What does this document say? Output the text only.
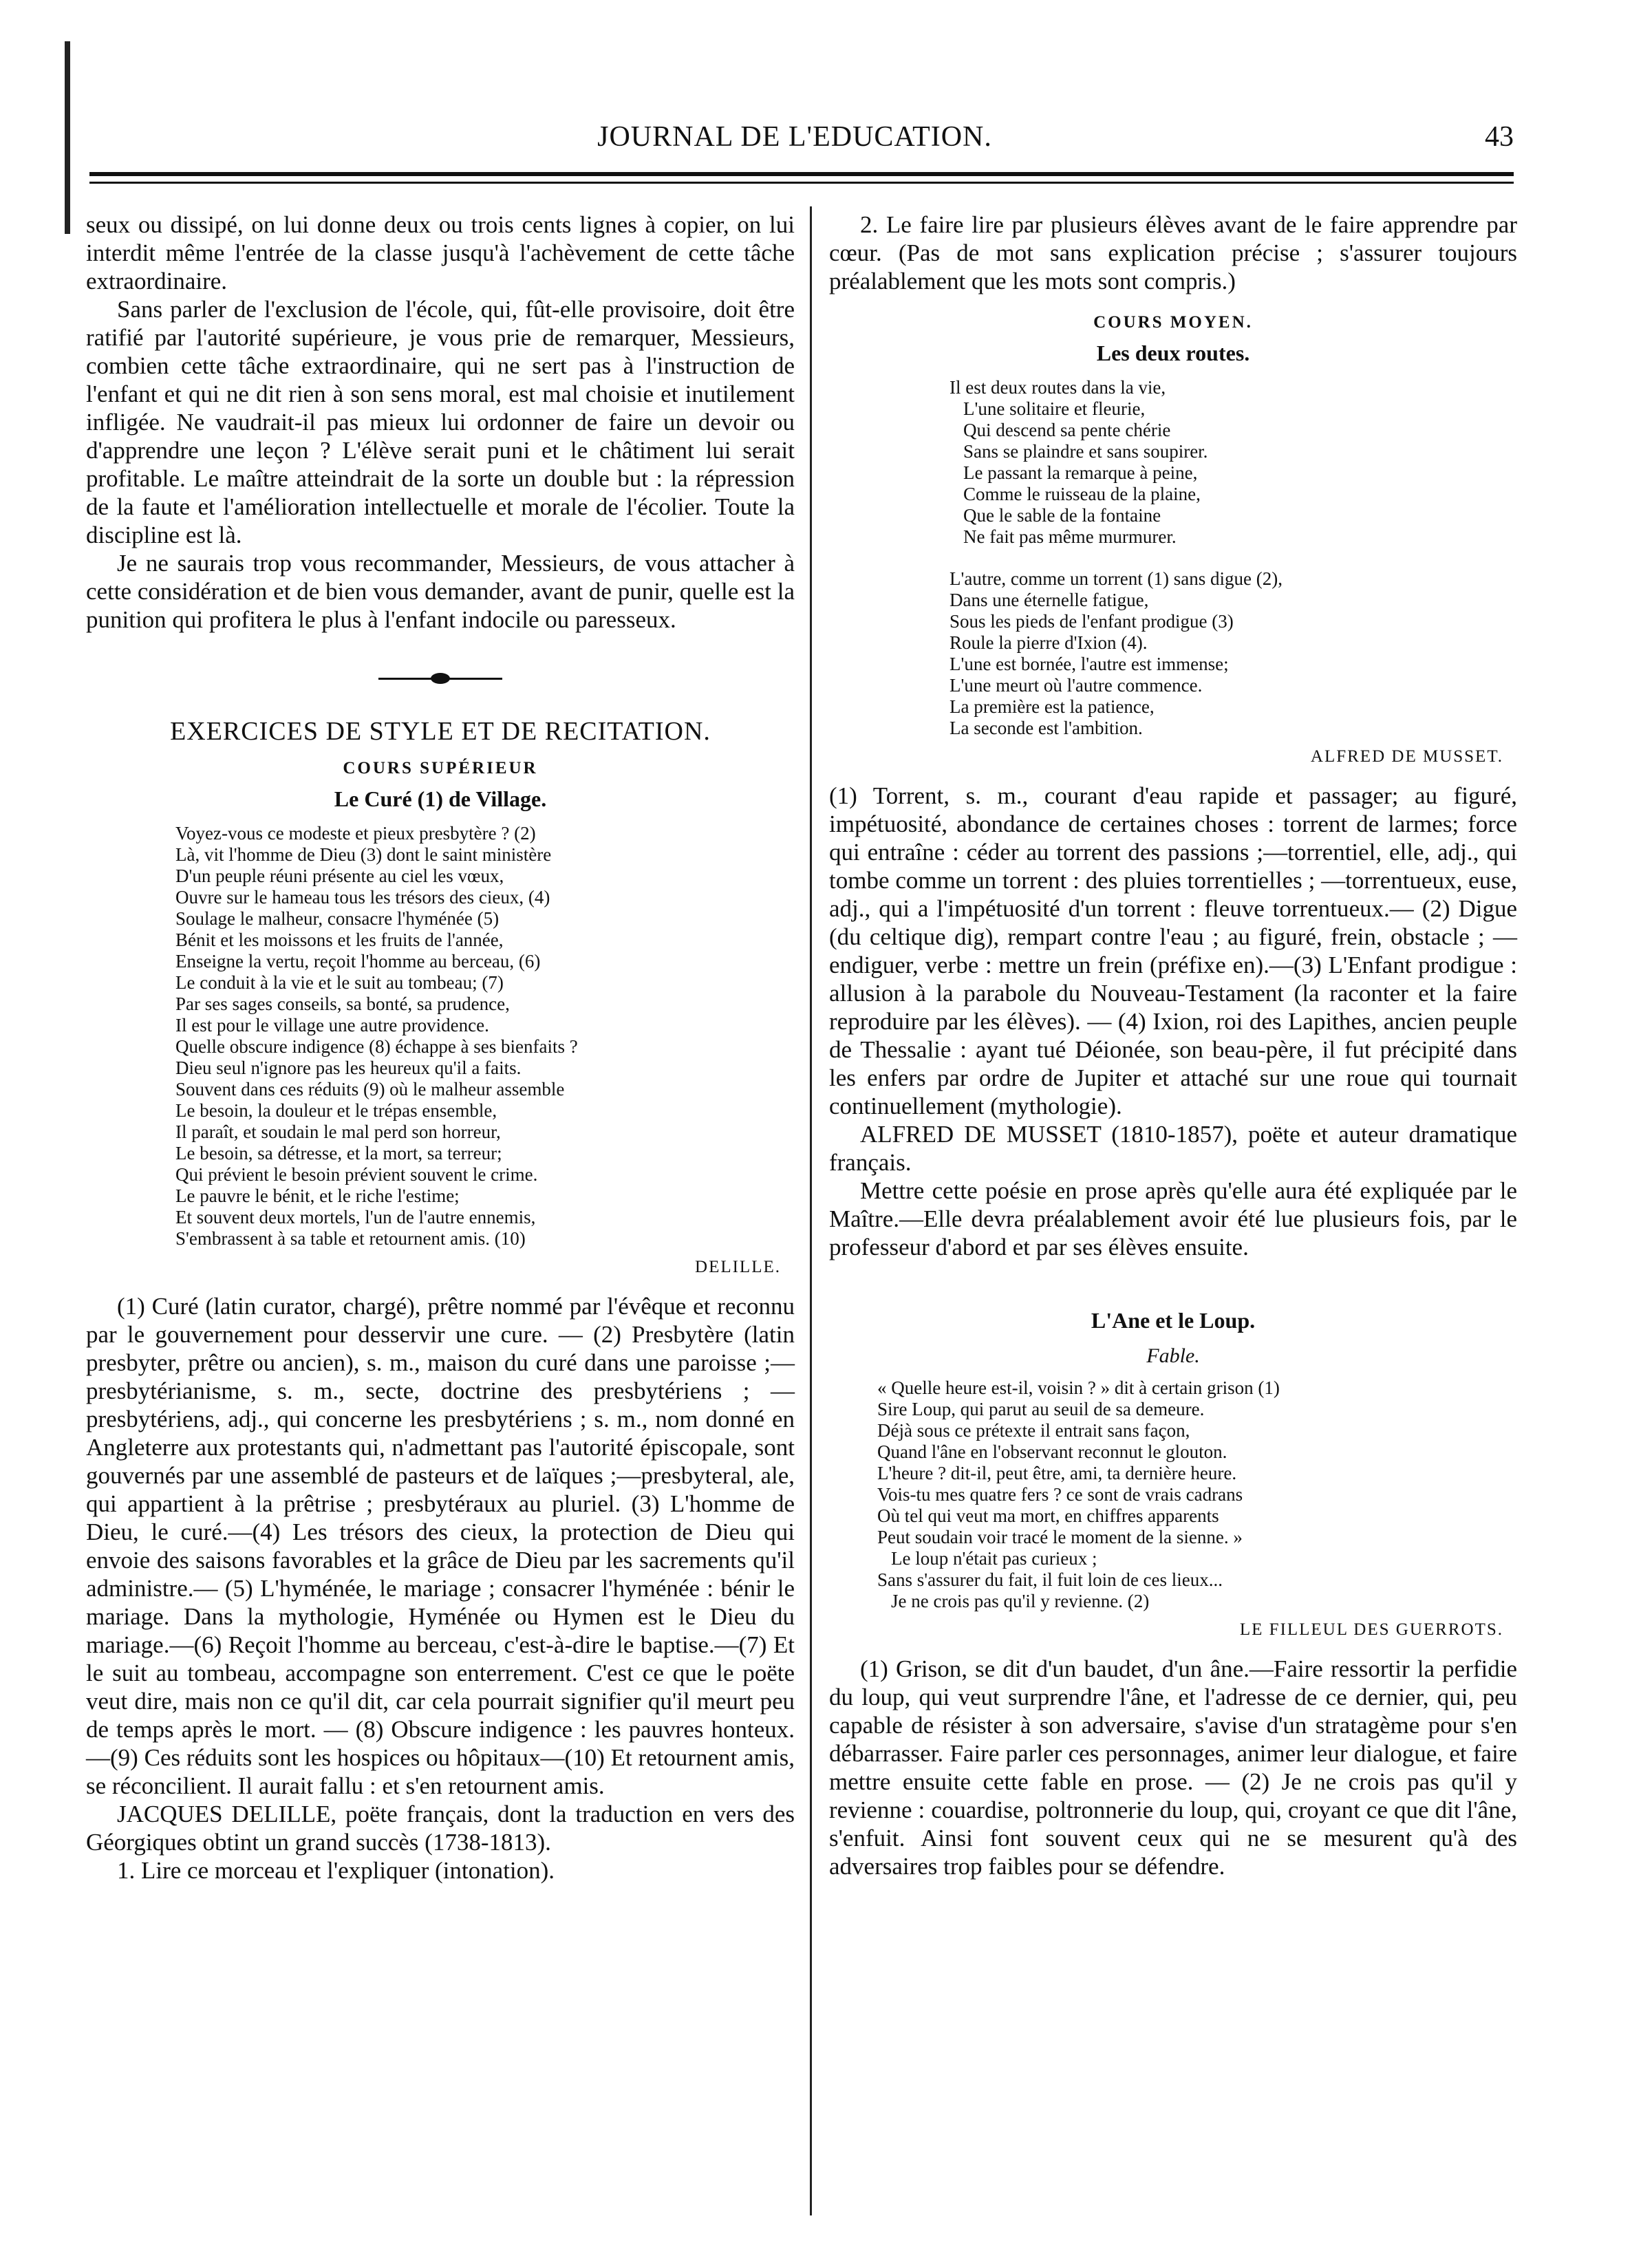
JOURNAL DE L'EDUCATION.	43

seux ou dissipé, on lui donne deux ou trois cents lignes à copier, on lui interdit même l'entrée de la classe jusqu'à l'achèvement de cette tâche extraordinaire.

Sans parler de l'exclusion de l'école, qui, fût-elle provisoire, doit être ratifié par l'autorité supérieure, je vous prie de remarquer, Messieurs, combien cette tâche extraordinaire, qui ne sert pas à l'instruction de l'enfant et qui ne dit rien à son sens moral, est mal choisie et inutilement infligée. Ne vaudrait-il pas mieux lui ordonner de faire un devoir ou d'apprendre une leçon ? L'élève serait puni et le châtiment lui serait profitable. Le maître atteindrait de la sorte un double but : la répression de la faute et l'amélioration intellectuelle et morale de l'écolier. Toute la discipline est là.

Je ne saurais trop vous recommander, Messieurs, de vous attacher à cette considération et de bien vous demander, avant de punir, quelle est la punition qui profitera le plus à l'enfant indocile ou paresseux.

EXERCICES DE STYLE ET DE RECITATION.
COURS SUPÉRIEUR
Le Curé (1) de Village.
Voyez-vous ce modeste et pieux presbytère ? (2)
Là, vit l'homme de Dieu (3) dont le saint ministère
D'un peuple réuni présente au ciel les vœux,
Ouvre sur le hameau tous les trésors des cieux, (4)
Soulage le malheur, consacre l'hyménée (5)
Bénit et les moissons et les fruits de l'année,
Enseigne la vertu, reçoit l'homme au berceau, (6)
Le conduit à la vie et le suit au tombeau; (7)
Par ses sages conseils, sa bonté, sa prudence,
Il est pour le village une autre providence.
Quelle obscure indigence (8) échappe à ses bienfaits ?
Dieu seul n'ignore pas les heureux qu'il a faits.
Souvent dans ces réduits (9) où le malheur assemble
Le besoin, la douleur et le trépas ensemble,
Il paraît, et soudain le mal perd son horreur,
Le besoin, sa détresse, et la mort, sa terreur;
Qui prévient le besoin prévient souvent le crime.
Le pauvre le bénit, et le riche l'estime;
Et souvent deux mortels, l'un de l'autre ennemis,
S'embrassent à sa table et retournent amis. (10)
DELILLE.

(1) Curé (latin curator, chargé), prêtre nommé par l'évêque et reconnu par le gouvernement pour desservir une cure. — (2) Presbytère (latin presbyter, prêtre ou ancien), s. m., maison du curé dans une paroisse ;—presbytérianisme, s. m., secte, doctrine des presbytériens ; —presbytériens, adj., qui concerne les presbytériens ; s. m., nom donné en Angleterre aux protestants qui, n'admettant pas l'autorité épiscopale, sont gouvernés par une assemblé de pasteurs et de laïques ;—presbyteral, ale, qui appartient à la prêtrise ; presbytéraux au pluriel. (3) L'homme de Dieu, le curé.—(4) Les trésors des cieux, la protection de Dieu qui envoie des saisons favorables et la grâce de Dieu par les sacrements qu'il administre.— (5) L'hyménée, le mariage ; consacrer l'hyménée : bénir le mariage. Dans la mythologie, Hyménée ou Hymen est le Dieu du mariage.—(6) Reçoit l'homme au berceau, c'est-à-dire le baptise.—(7) Et le suit au tombeau, accompagne son enterrement. C'est ce que le poëte veut dire, mais non ce qu'il dit, car cela pourrait signifier qu'il meurt peu de temps après le mort. — (8) Obscure indigence : les pauvres honteux.—(9) Ces réduits sont les hospices ou hôpitaux—(10) Et retournent amis, se réconcilient. Il aurait fallu : et s'en retournent amis.

JACQUES DELILLE, poëte français, dont la traduction en vers des Géorgiques obtint un grand succès (1738-1813).

1. Lire ce morceau et l'expliquer (intonation).

2. Le faire lire par plusieurs élèves avant de le faire apprendre par cœur. (Pas de mot sans explication précise ; s'assurer toujours préalablement que les mots sont compris.)

COURS MOYEN.
Les deux routes.
Il est deux routes dans la vie,
L'une solitaire et fleurie,
Qui descend sa pente chérie
Sans se plaindre et sans soupirer.
Le passant la remarque à peine,
Comme le ruisseau de la plaine,
Que le sable de la fontaine
Ne fait pas même murmurer.
L'autre, comme un torrent (1) sans digue (2),
Dans une éternelle fatigue,
Sous les pieds de l'enfant prodigue (3)
Roule la pierre d'Ixion (4).
L'une est bornée, l'autre est immense;
L'une meurt où l'autre commence.
La première est la patience,
La seconde est l'ambition.
ALFRED DE MUSSET.

(1) Torrent, s. m., courant d'eau rapide et passager; au figuré, impétuosité, abondance de certaines choses : torrent de larmes; force qui entraîne : céder au torrent des passions ;—torrentiel, elle, adj., qui tombe comme un torrent : des pluies torrentielles ; —torrentueux, euse, adj., qui a l'impétuosité d'un torrent : fleuve torrentueux.— (2) Digue (du celtique dig), rempart contre l'eau ; au figuré, frein, obstacle ; —endiguer, verbe : mettre un frein (préfixe en).—(3) L'Enfant prodigue : allusion à la parabole du Nouveau-Testament (la raconter et la faire reproduire par les élèves). — (4) Ixion, roi des Lapithes, ancien peuple de Thessalie : ayant tué Déionée, son beau-père, il fut précipité dans les enfers par ordre de Jupiter et attaché sur une roue qui tournait continuellement (mythologie).

ALFRED DE MUSSET (1810-1857), poëte et auteur dramatique français.

Mettre cette poésie en prose après qu'elle aura été expliquée par le Maître.—Elle devra préalablement avoir été lue plusieurs fois, par le professeur d'abord et par ses élèves ensuite.

L'Ane et le Loup.
Fable.
« Quelle heure est-il, voisin ? » dit à certain grison (1)
Sire Loup, qui parut au seuil de sa demeure.
Déjà sous ce prétexte il entrait sans façon,
Quand l'âne en l'observant reconnut le glouton.
L'heure ? dit-il, peut être, ami, ta dernière heure.
Vois-tu mes quatre fers ? ce sont de vrais cadrans
Où tel qui veut ma mort, en chiffres apparents
Peut soudain voir tracé le moment de la sienne. »
Le loup n'était pas curieux ;
Sans s'assurer du fait, il fuit loin de ces lieux...
Je ne crois pas qu'il y revienne. (2)
LE FILLEUL DES GUERROTS.

(1) Grison, se dit d'un baudet, d'un âne.—Faire ressortir la perfidie du loup, qui veut surprendre l'âne, et l'adresse de ce dernier, qui, peu capable de résister à son adversaire, s'avise d'un stratagème pour s'en débarrasser. Faire parler ces personnages, animer leur dialogue, et faire mettre ensuite cette fable en prose. — (2) Je ne crois pas qu'il y revienne : couardise, poltronnerie du loup, qui, croyant ce que dit l'âne, s'enfuit. Ainsi font souvent ceux qui ne se mesurent qu'à des adversaires trop faibles pour se défendre.
